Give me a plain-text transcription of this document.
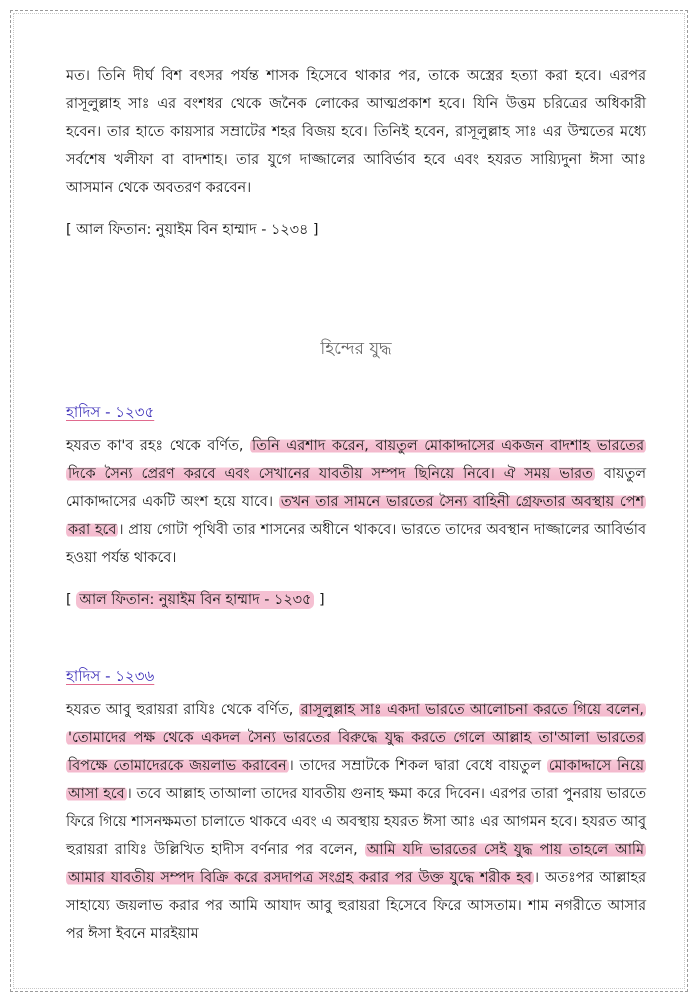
মত। তিনি দীর্ঘ বিশ বৎসর পর্যন্ত শাসক হিসেবে থাকার পর, তাকে অস্ত্রের হত্যা করা হবে। এরপর রাসূলুল্লাহ সাঃ এর বংশধর থেকে জনৈক লোকের আত্মপ্রকাশ হবে। যিনি উত্তম চরিত্রের অধিকারী হবেন। তার হাতে কায়সার সম্রাটের শহর বিজয় হবে। তিনিই হবেন, রাসূলুল্লাহ সাঃ এর উম্মতের মধ্যে সর্বশেষ খলীফা বা বাদশাহ। তার যুগে দাজ্জালের আবির্ভাব হবে এবং হযরত সায়্যিদুনা ঈসা আঃ আসমান থেকে অবতরণ করবেন।

[ আল ফিতান: নুয়াইম বিন হাম্মাদ - ১২৩৪ ]

হিন্দের যুদ্ধ
হাদিস - ১২৩৫

হযরত কা'ব রহঃ থেকে বর্ণিত, তিনি এরশাদ করেন, বায়তুল মোকাদ্দাসের একজন বাদশাহ ভারতের দিকে সৈন্য প্রেরণ করবে এবং সেখানের যাবতীয় সম্পদ ছিনিয়ে নিবে। ঐ সময় ভারত বায়তুল মোকাদ্দাসের একটি অংশ হয়ে যাবে। তখন তার সামনে ভারতের সৈন্য বাহিনী গ্রেফতার অবস্থায় পেশ করা হবে । প্রায় গোটা পৃথিবী তার শাসনের অধীনে থাকবে। ভারতে তাদের অবস্থান দাজ্জালের আবির্ভাব হওয়া পর্যন্ত থাকবে।

[ আল ফিতান: নুয়াইম বিন হাম্মাদ - ১২৩৫ ]

হাদিস - ১২৩৬

হযরত আবু হুরায়রা রাযিঃ থেকে বর্ণিত, রাসূলুল্লাহ সাঃ একদা ভারতে আলোচনা করতে গিয়ে বলেন, 'তোমাদের পক্ষ থেকে একদল সৈন্য ভারতের বিরুদ্ধে যুদ্ধ করতে গেলে আল্লাহ তা'আলা ভারতের বিপক্ষে তোমাদেরকে জয়লাভ করাবেন । তাদের সম্রাটকে শিকল দ্বারা বেধে বায়তুল মোকাদ্দাসে নিয়ে আসা হবে । তবে আল্লাহ তাআলা তাদের যাবতীয় গুনাহ ক্ষমা করে দিবেন। এরপর তারা পুনরায় ভারতে ফিরে গিয়ে শাসনক্ষমতা চালাতে থাকবে এবং এ অবস্থায় হযরত ঈসা আঃ এর আগমন হবে। হযরত আবু হুরায়রা রাযিঃ উল্লিখিত হাদীস বর্ণনার পর বলেন, আমি যদি ভারতের সেই যুদ্ধ পায় তাহলে আমি আমার যাবতীয় সম্পদ বিক্রি করে রসদাপত্র সংগ্রহ করার পর উক্ত যুদ্ধে শরীক হব । অতঃপর আল্লাহর সাহায্যে জয়লাভ করার পর আমি আযাদ আবু হুরায়রা হিসেবে ফিরে আসতাম। শাম নগরীতে আসার পর ঈসা ইবনে মারইয়াম
